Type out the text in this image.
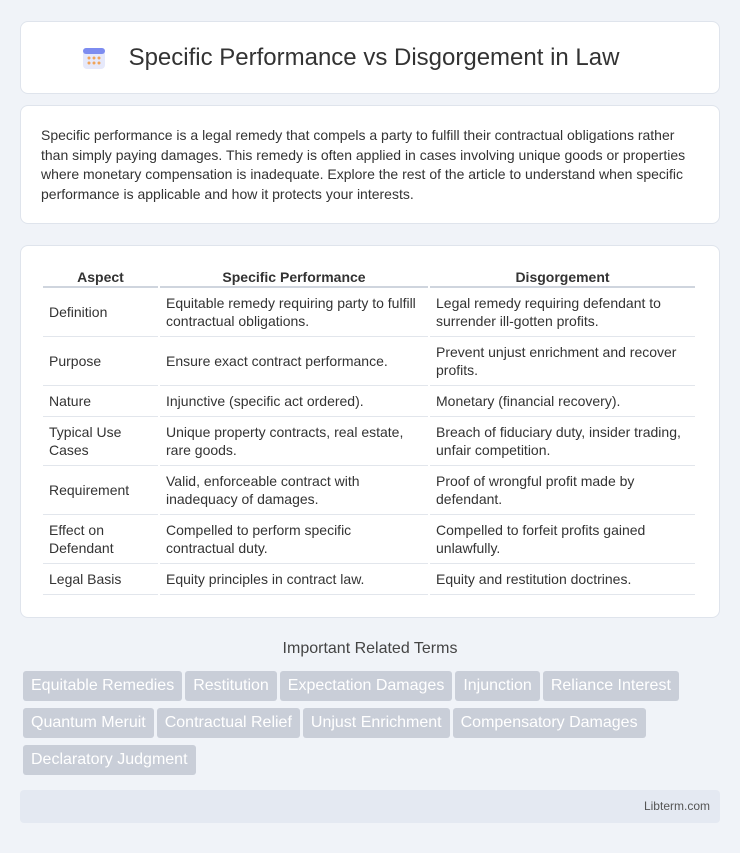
Specific Performance vs Disgorgement in Law

Specific performance is a legal remedy that compels a party to fulfill their contractual obligations rather than simply paying damages. This remedy is often applied in cases involving unique goods or properties where monetary compensation is inadequate. Explore the rest of the article to understand when specific performance is applicable and how it protects your interests.

Aspect	Specific Performance	Disgorgement
Definition	Equitable remedy requiring party to fulfill contractual obligations.	Legal remedy requiring defendant to surrender ill-gotten profits.
Purpose	Ensure exact contract performance.	Prevent unjust enrichment and recover profits.
Nature	Injunctive (specific act ordered).	Monetary (financial recovery).
Typical Use Cases	Unique property contracts, real estate, rare goods.	Breach of fiduciary duty, insider trading, unfair competition.
Requirement	Valid, enforceable contract with inadequacy of damages.	Proof of wrongful profit made by defendant.
Effect on Defendant	Compelled to perform specific contractual duty.	Compelled to forfeit profits gained unlawfully.
Legal Basis	Equity principles in contract law.	Equity and restitution doctrines.
Important Related Terms
Equitable Remedies Restitution Expectation Damages Injunction Reliance Interest
Quantum Meruit Contractual Relief Unjust Enrichment Compensatory Damages
Declaratory Judgment
Libterm.com
